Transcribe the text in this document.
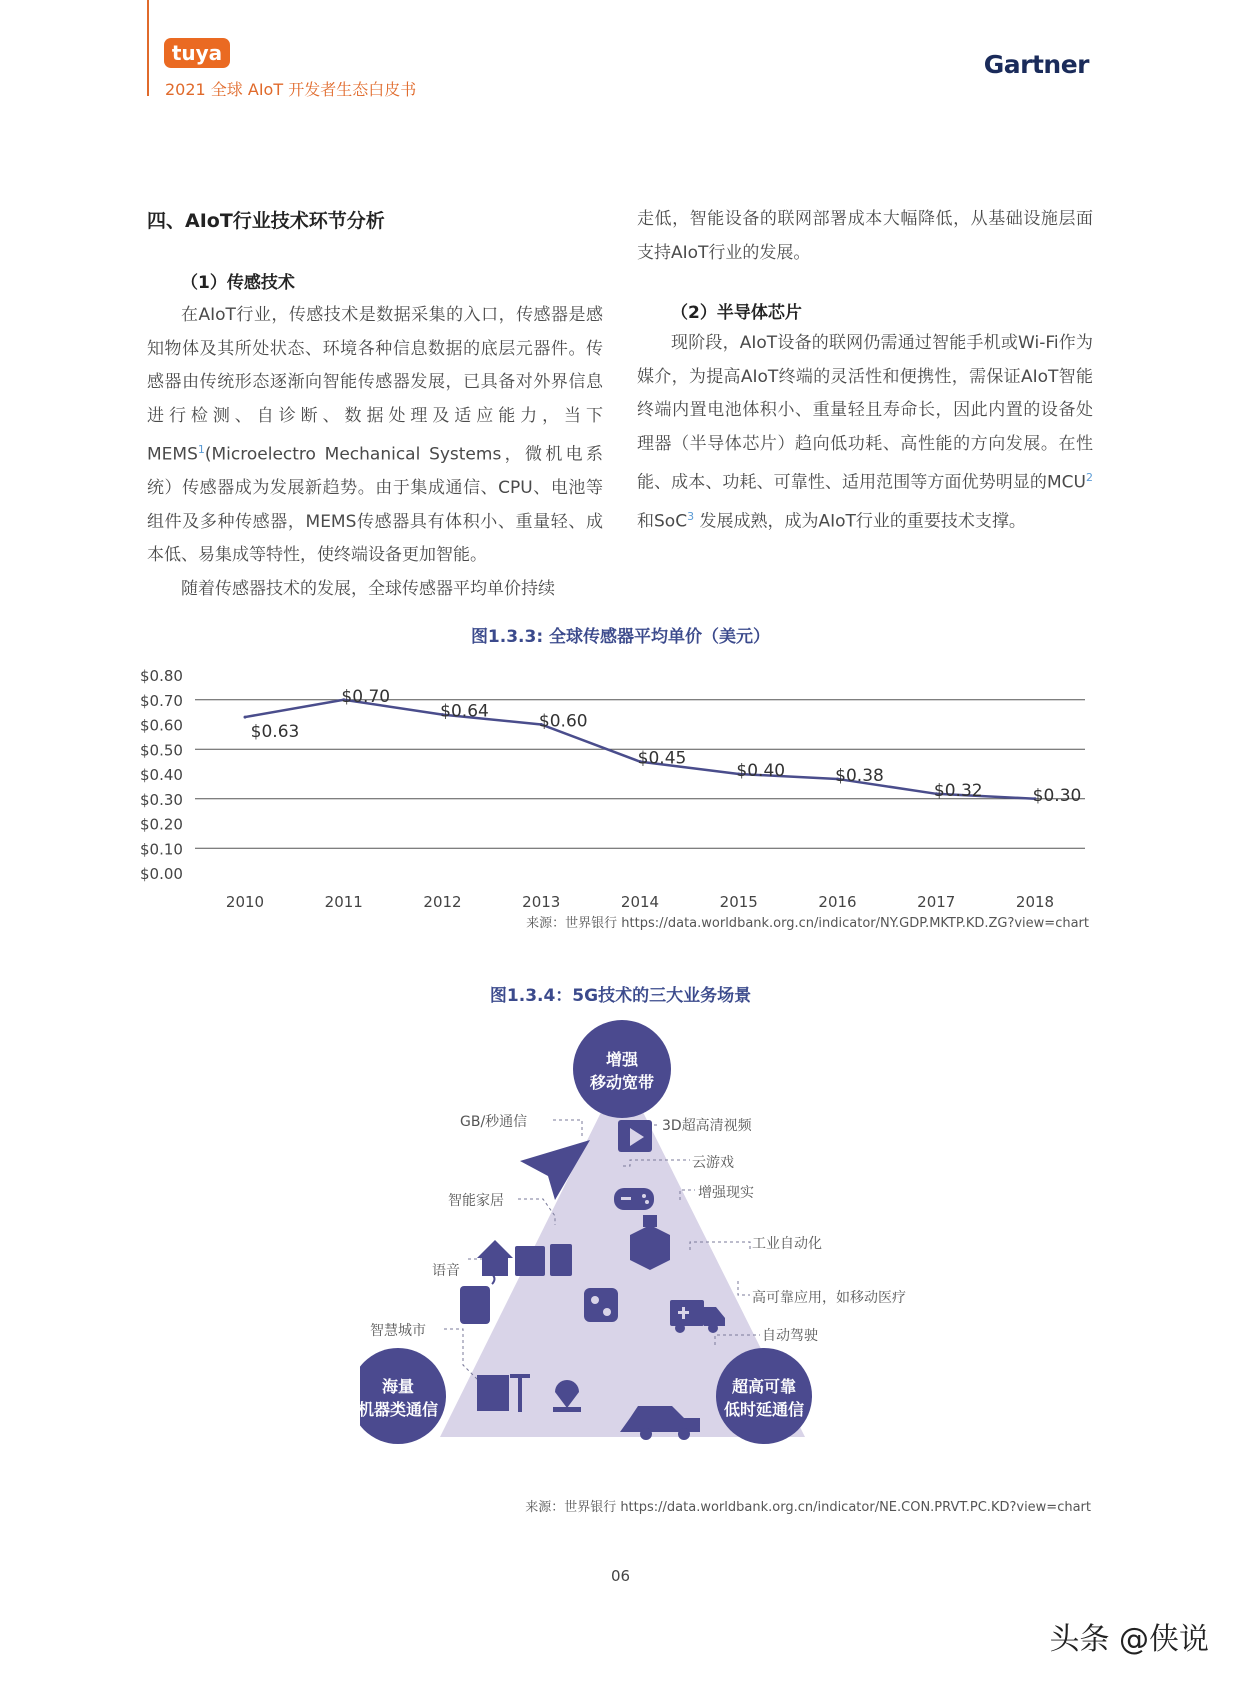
tuya
2021 全球 AIoT 开发者生态白皮书
Gartner
四、AIoT行业技术环节分析
（1）传感技术
在AIoT行业，传感技术是数据采集的入口，传感器是感知物体及其所处状态、环境各种信息数据的底层元器件。传感器由传统形态逐渐向智能传感器发展，已具备对外界信息进行检测、自诊断、数据处理及适应能力，当下MEMS$^1$(Microelectro Mechanical Systems，微机电系统）传感器成为发展新趋势。由于集成通信、CPU、电池等组件及多种传感器，MEMS传感器具有体积小、重量轻、成本低、易集成等特性，使终端设备更加智能。
随着传感器技术的发展，全球传感器平均单价持续
走低，智能设备的联网部署成本大幅降低，从基础设施层面支持AIoT行业的发展。
（2）半导体芯片
现阶段，AIoT设备的联网仍需通过智能手机或Wi-Fi作为媒介，为提高AIoT终端的灵活性和便携性，需保证AIoT智能终端内置电池体积小、重量轻且寿命长，因此内置的设备处理器（半导体芯片）趋向低功耗、高性能的方向发展。在性能、成本、功耗、可靠性、适用范围等方面优势明显的MCU$^2$ 和SoC$^3$ 发展成熟，成为AIoT行业的重要技术支撑。
图1.3.3: 全球传感器平均单价（美元）
$0.80
$0.70
$0.60
$0.50
$0.40
$0.30
$0.20
$0.10
$0.00
2010	2011	2012	2013	2014	2015	2016	2017	2018
$0.63
$0.70
$0.64	$0.60
$0.45
$0.40	$0.38
$0.32	$0.30
来源：世界银行 https://data.worldbank.org.cn/indicator/NY.GDP.MKTP.KD.ZG?view=chart
图1.3.4：5G技术的三大业务场景
增强
移动宽带
海量
机器类通信
超高可靠
低时延通信
GB/秒通信
智能家居
语音
智慧城市
3D超高清视频
云游戏
增强现实
工业自动化
高可靠应用，如移动医疗
自动驾驶
来源：世界银行 https://data.worldbank.org.cn/indicator/NE.CON.PRVT.PC.KD?view=chart
06
头条 @侠说
